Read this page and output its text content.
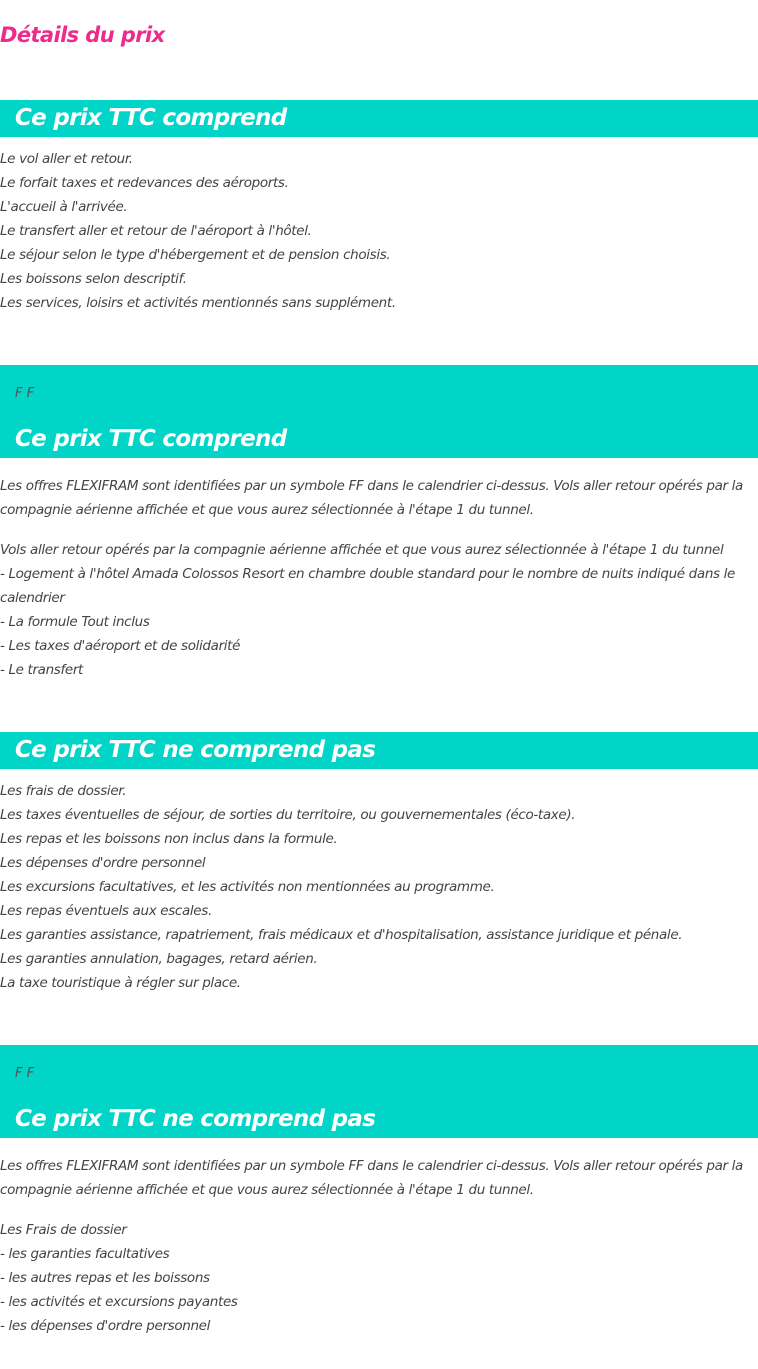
Détails du prix
Ce prix TTC comprend
Le vol aller et retour.
Le forfait taxes et redevances des aéroports.
L'accueil à l'arrivée.
Le transfert aller et retour de l'aéroport à l'hôtel.
Le séjour selon le type d'hébergement et de pension choisis.
Les boissons selon descriptif.
Les services, loisirs et activités mentionnés sans supplément.
F F
Ce prix TTC comprend
Les offres FLEXIFRAM sont identifiées par un symbole FF dans le calendrier ci-dessus. Vols aller retour opérés par la
compagnie aérienne affichée et que vous aurez sélectionnée à l'étape 1 du tunnel.
Vols aller retour opérés par la compagnie aérienne affichée et que vous aurez sélectionnée à l'étape 1 du tunnel
- Logement à l'hôtel Amada Colossos Resort en chambre double standard pour le nombre de nuits indiqué dans le
calendrier
- La formule Tout inclus
- Les taxes d'aéroport et de solidarité
- Le transfert
Ce prix TTC ne comprend pas
Les frais de dossier.
Les taxes éventuelles de séjour, de sorties du territoire, ou gouvernementales (éco-taxe).
Les repas et les boissons non inclus dans la formule.
Les dépenses d'ordre personnel
Les excursions facultatives, et les activités non mentionnées au programme.
Les repas éventuels aux escales.
Les garanties assistance, rapatriement, frais médicaux et d'hospitalisation, assistance juridique et pénale.
Les garanties annulation, bagages, retard aérien.
La taxe touristique à régler sur place.
F F
Ce prix TTC ne comprend pas
Les offres FLEXIFRAM sont identifiées par un symbole FF dans le calendrier ci-dessus. Vols aller retour opérés par la
compagnie aérienne affichée et que vous aurez sélectionnée à l'étape 1 du tunnel.
Les Frais de dossier
- les garanties facultatives
- les autres repas et les boissons
- les activités et excursions payantes
- les dépenses d'ordre personnel
